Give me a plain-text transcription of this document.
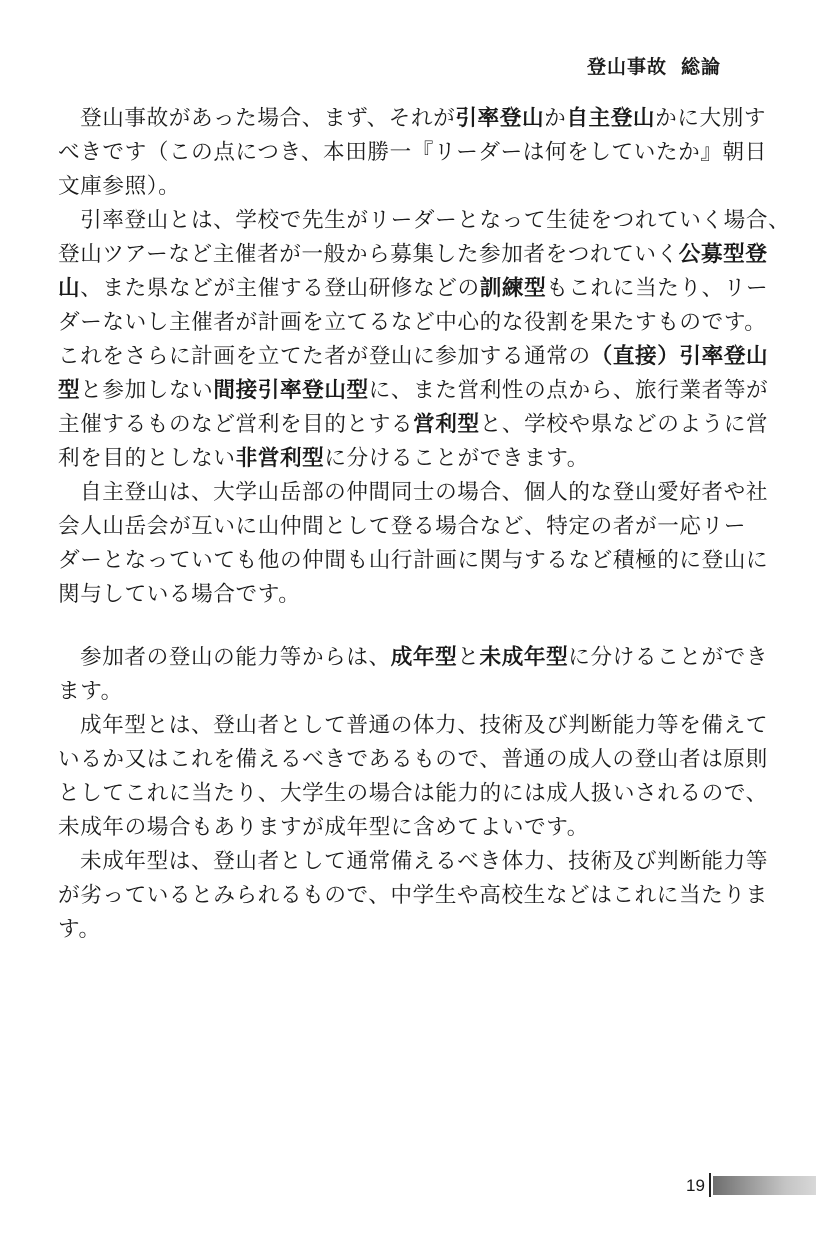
登山事故 総論
登山事故があった場合、まず、それが引率登山か自主登山かに大別す
べきです（この点につき、本田勝一『リーダーは何をしていたか』朝日
文庫参照）。
引率登山とは、学校で先生がリーダーとなって生徒をつれていく場合、
登山ツアーなど主催者が一般から募集した参加者をつれていく公募型登
山、また県などが主催する登山研修などの訓練型もこれに当たり、リー
ダーないし主催者が計画を立てるなど中心的な役割を果たすものです。
これをさらに計画を立てた者が登山に参加する通常の（直接）引率登山
型と参加しない間接引率登山型に、また営利性の点から、旅行業者等が
主催するものなど営利を目的とする営利型と、学校や県などのように営
利を目的としない非営利型に分けることができます。
自主登山は、大学山岳部の仲間同士の場合、個人的な登山愛好者や社
会人山岳会が互いに山仲間として登る場合など、特定の者が一応リー
ダーとなっていても他の仲間も山行計画に関与するなど積極的に登山に
関与している場合です。
参加者の登山の能力等からは、成年型と未成年型に分けることができ
ます。
成年型とは、登山者として普通の体力、技術及び判断能力等を備えて
いるか又はこれを備えるべきであるもので、普通の成人の登山者は原則
としてこれに当たり、大学生の場合は能力的には成人扱いされるので、
未成年の場合もありますが成年型に含めてよいです。
未成年型は、登山者として通常備えるべき体力、技術及び判断能力等
が劣っているとみられるもので、中学生や高校生などはこれに当たりま
す。
19
